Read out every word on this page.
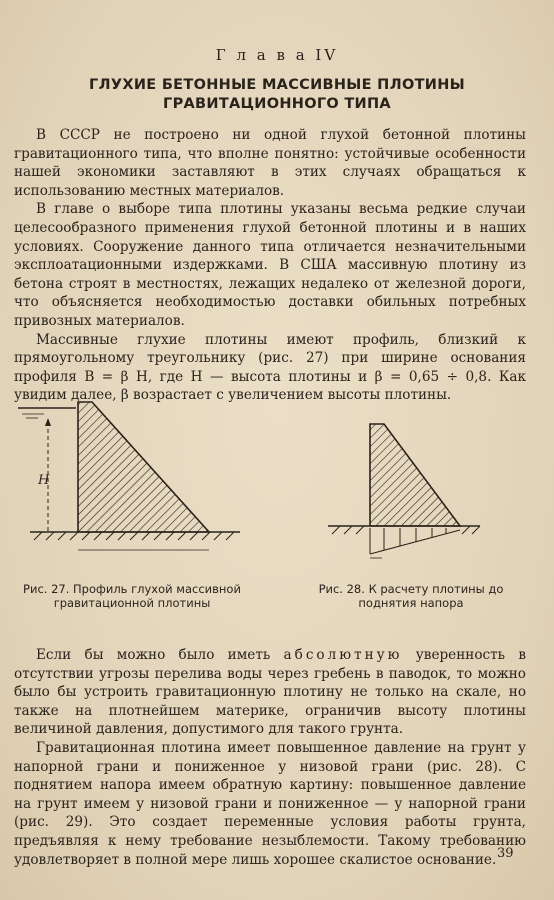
Г л а в а IV
ГЛУХИЕ БЕТОННЫЕ МАССИВНЫЕ ПЛОТИНЫ
ГРАВИТАЦИОННОГО ТИПА

В СССР не построено ни одной глухой бетонной плотины гравитационного типа, что вполне понятно: устойчивые особенности нашей экономики заставляют в этих случаях обращаться к использованию местных материалов.

В главе о выборе типа плотины указаны весьма редкие случаи целесообразного применения глухой бетонной плотины и в наших условиях. Сооружение данного типа отличается незначительными эксплоатационными издержками. В США массивную плотину из бетона строят в местностях, лежащих недалеко от железной дороги, что объясняется необходимостью доставки обильных потребных привозных материалов.

Массивные глухие плотины имеют профиль, близкий к прямоугольному треугольнику (рис. 27) при ширине основания профиля B = β H, где H — высота плотины и β = 0,65 ÷ 0,8. Как увидим далее, β возрастает с увеличением высоты плотины.

H
Рис. 27. Профиль глухой массивной гравитационной плотины
Рис. 28. К расчету плотины до поднятия напора

Если бы можно было иметь абсолютную уверенность в отсутствии угрозы перелива воды через гребень в паводок, то можно было бы устроить гравитационную плотину не только на скале, но также на плотнейшем материке, ограничив высоту плотины величиной давления, допустимого для такого грунта.

Гравитационная плотина имеет повышенное давление на грунт у напорной грани и пониженное у низовой грани (рис. 28). С поднятием напора имеем обратную картину: повышенное давление на грунт имеем у низовой грани и пониженное — у напорной грани (рис. 29). Это создает переменные условия работы грунта, предъявляя к нему требование незыблемости. Такому требованию удовлетворяет в полной мере лишь хорошее скалистое основание. 39
